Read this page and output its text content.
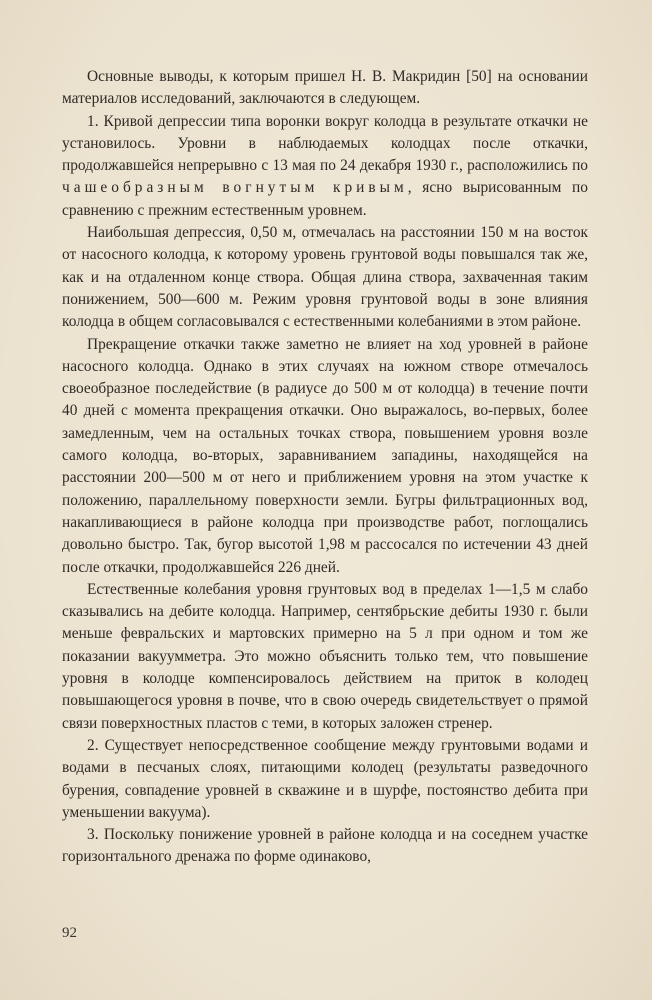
Основные выводы, к которым пришел Н. В. Макридин [50] на основании материалов исследований, заключаются в следующем.

1. Кривой депрессии типа воронки вокруг колодца в результате откачки не установилось. Уровни в наблюдаемых колодцах после откачки, продолжавшейся непрерывно с 13 мая по 24 декабря 1930 г., расположились по чашеобразным вогнутым кривым, ясно вырисованным по сравнению с прежним естественным уровнем.

Наибольшая депрессия, 0,50 м, отмечалась на расстоянии 150 м на восток от насосного колодца, к которому уровень грунтовой воды повышался так же, как и на отдаленном конце створа. Общая длина створа, захваченная таким понижением, 500—600 м. Режим уровня грунтовой воды в зоне влияния колодца в общем согласовывался с естественными колебаниями в этом районе.

Прекращение откачки также заметно не влияет на ход уровней в районе насосного колодца. Однако в этих случаях на южном створе отмечалось своеобразное последействие (в радиусе до 500 м от колодца) в течение почти 40 дней с момента прекращения откачки. Оно выражалось, во-первых, более замедленным, чем на остальных точках створа, повышением уровня возле самого колодца, во-вторых, заравниванием западины, находящейся на расстоянии 200—500 м от него и приближением уровня на этом участке к положению, параллельному поверхности земли. Бугры фильтрационных вод, накапливающиеся в районе колодца при производстве работ, поглощались довольно быстро. Так, бугор высотой 1,98 м рассосался по истечении 43 дней после откачки, продолжавшейся 226 дней.

Естественные колебания уровня грунтовых вод в пределах 1—1,5 м слабо сказывались на дебите колодца. Например, сентябрьские дебиты 1930 г. были меньше февральских и мартовских примерно на 5 л при одном и том же показании вакуумметра. Это можно объяснить только тем, что повышение уровня в колодце компенсировалось действием на приток в колодец повышающегося уровня в почве, что в свою очередь свидетельствует о прямой связи поверхностных пластов с теми, в которых заложен стренер.

2. Существует непосредственное сообщение между грунтовыми водами и водами в песчаных слоях, питающими колодец (результаты разведочного бурения, совпадение уровней в скважине и в шурфе, постоянство дебита при уменьшении вакуума).

3. Поскольку понижение уровней в районе колодца и на соседнем участке горизонтального дренажа по форме одинаково,

92
